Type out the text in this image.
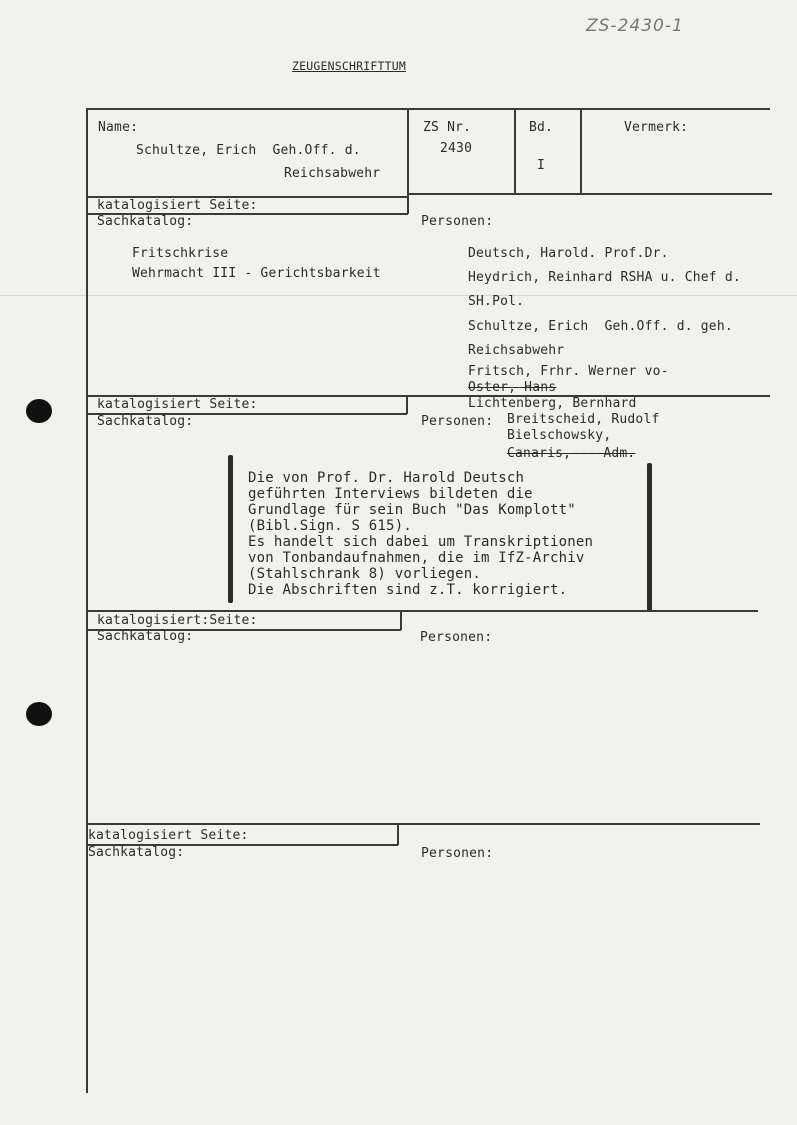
ZS-2430-1
ZEUGENSCHRIFTTUM
Name:
Schultze, Erich  Geh.Off. d.
Reichsabwehr
ZS Nr.
2430
Bd.
I
Vermerk:
katalogisiert Seite:
Sachkatalog:	Personen:
Fritschkrise
Wehrmacht III - Gerichtsbarkeit
Deutsch, Harold. Prof.Dr.
Heydrich, Reinhard RSHA u. Chef d.
SH.Pol.
Schultze, Erich  Geh.Off. d. geh.
Reichsabwehr
Fritsch, Frhr. Werner vo-
Oster, Hans
katalogisiert Seite:
Sachkatalog:	Personen:
Lichtenberg, Bernhard
Breitscheid, Rudolf
Bielschowsky,
Canaris,----Adm.
Die von Prof. Dr. Harold Deutsch
geführten Interviews bildeten die
Grundlage für sein Buch "Das Komplott"
(Bibl.Sign. S 615).
Es handelt sich dabei um Transkriptionen
von Tonbandaufnahmen, die im IfZ-Archiv
(Stahlschrank 8) vorliegen.
Die Abschriften sind z.T. korrigiert.
katalogisiert:Seite:
Sachkatalog:	Personen:
katalogisiert Seite:
Sachkatalog:	Personen:
